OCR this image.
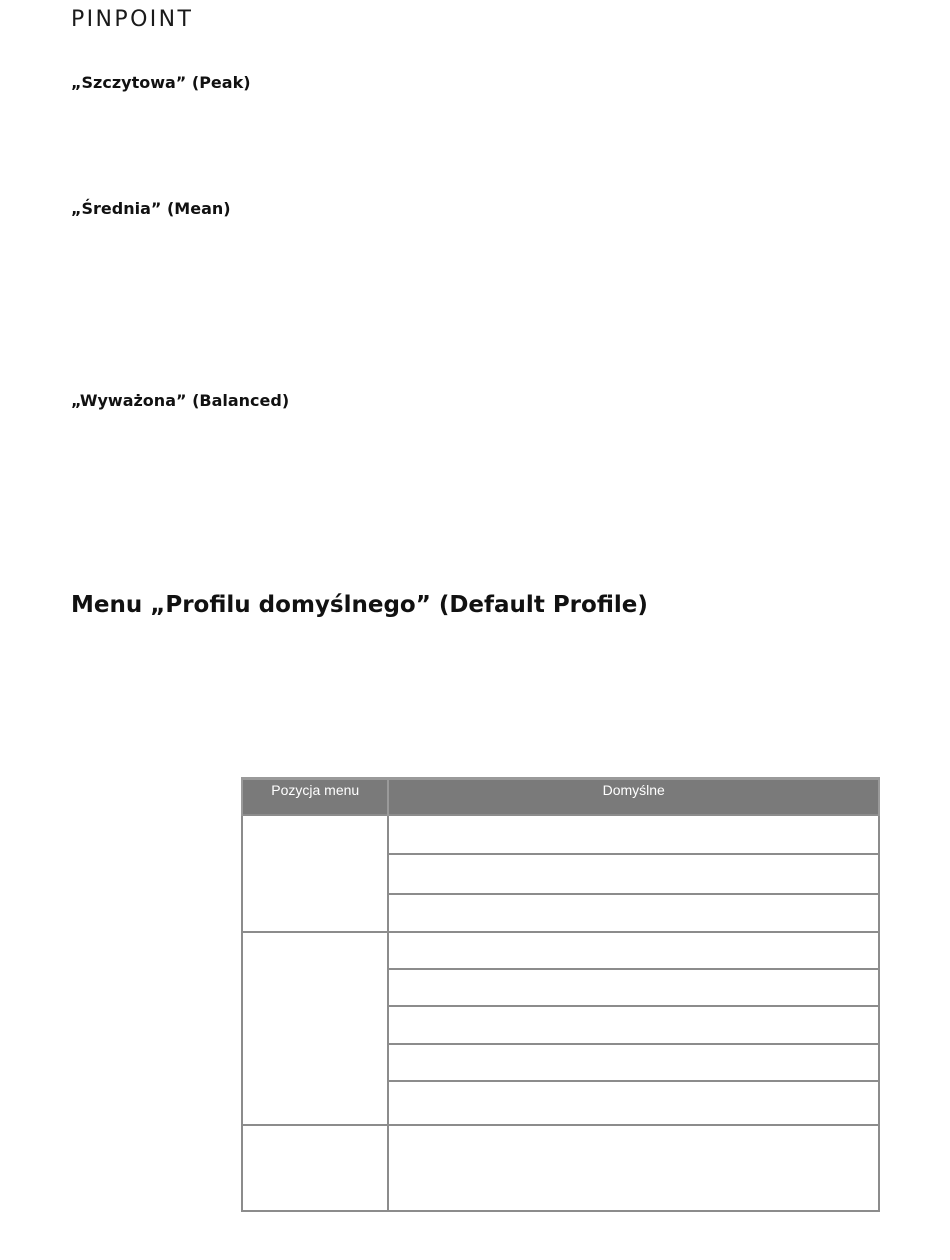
PINPOINT
„Szczytowa” (Peak)
„Średnia” (Mean)
„Wyważona” (Balanced)
Menu „Profilu domyślnego” (Default Profile)
Pozycja menu	Domyślne
